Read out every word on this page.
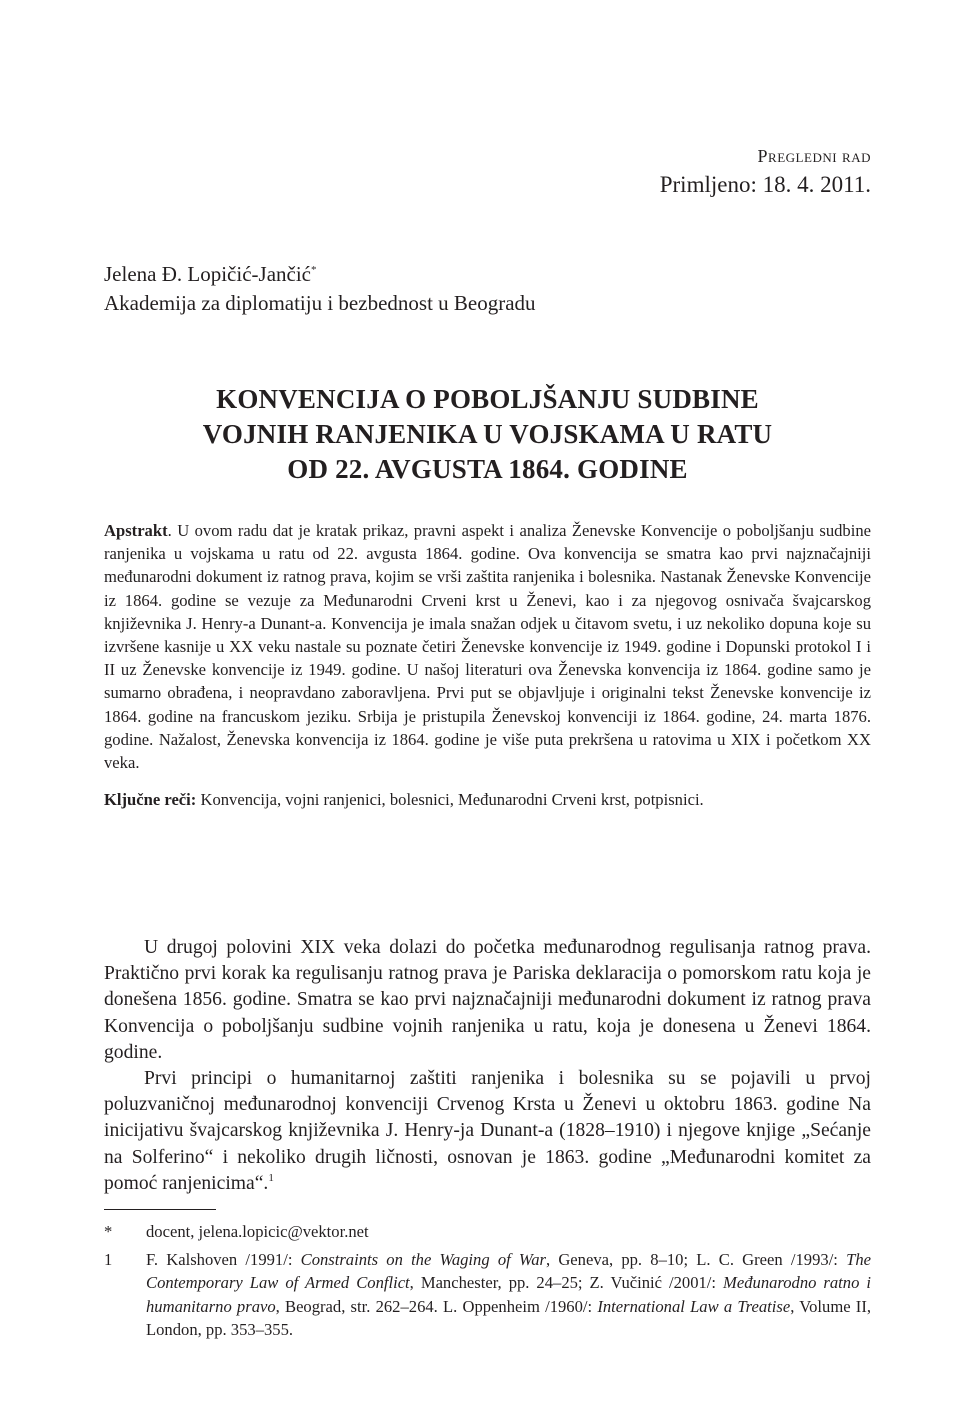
Pregledni rad
Primljeno: 18. 4. 2011.
Jelena Đ. Lopičić-Jančić*
Akademija za diplomatiju i bezbednost u Beogradu
KONVENCIJA O POBOLJŠANJU SUDBINE
VOJNIH RANJENIKA U VOJSKAMA U RATU
OD 22. AVGUSTA 1864. GODINE

Apstrakt. U ovom radu dat je kratak prikaz, pravni aspekt i analiza Ženevske Konvencije o poboljšanju sudbine ranjenika u vojskama u ratu od 22. avgusta 1864. godine. Ova konvencija se smatra kao prvi najznačajniji međunarodni dokument iz ratnog prava, kojim se vrši zaštita ranjenika i bolesnika. Nastanak Ženevske Konvencije iz 1864. godine se vezuje za Međunarodni Crveni krst u Ženevi, kao i za njegovog osnivača švajcarskog književnika J. Henry-a Dunant-a. Konvencija je imala snažan odjek u čitavom svetu, i uz nekoliko dopuna koje su izvršene kasnije u XX veku nastale su poznate četiri Ženevske konvencije iz 1949. godine i Dopunski protokol I i II uz Ženevske konvencije iz 1949. godine. U našoj literaturi ova Ženevska konvencija iz 1864. godine samo je sumarno obrađena, i neopravdano zaboravljena. Prvi put se objavljuje i originalni tekst Ženevske konvencije iz 1864. godine na francuskom jeziku. Srbija je pristupila Ženevskoj konvenciji iz 1864. godine, 24. marta 1876. godine. Nažalost, Ženevska konvencija iz 1864. godine je više puta prekršena u ratovima u XIX i početkom XX veka.

Ključne reči: Konvencija, vojni ranjenici, bolesnici, Međunarodni Crveni krst, potpisnici.

U drugoj polovini XIX veka dolazi do početka međunarodnog regulisanja ratnog prava. Praktično prvi korak ka regulisanju ratnog prava je Pariska deklaracija o pomorskom ratu koja je donešena 1856. godine. Smatra se kao prvi najznačajniji međunarodni dokument iz ratnog prava Konvencija o poboljšanju sudbine vojnih ranjenika u ratu, koja je donesena u Ženevi 1864. godine.

Prvi principi o humanitarnoj zaštiti ranjenika i bolesnika su se pojavili u prvoj poluzvaničnoj međunarodnoj konvenciji Crvenog Krsta u Ženevi u oktobru 1863. godine Na inicijativu švajcarskog književnika J. Henry-ja Dunant-a (1828–1910) i njegove knjige „Sećanje na Solferino“ i nekoliko drugih ličnosti, osnovan je 1863. godine „Međunarodni komitet za pomoć ranjenicima“.$^1$

*	docent, jelena.lopicic@vektor.net
1	F. Kalshoven /1991/: Constraints on the Waging of War, Geneva, pp. 8–10; L. C. Green /1993/: The Contemporary Law of Armed Conflict, Manchester, pp. 24–25; Z. Vučinić /2001/: Međunarodno ratno i humanitarno pravo, Beograd, str. 262–264. L. Oppenheim /1960/: International Law a Treatise, Volume II, London, pp. 353–355.
